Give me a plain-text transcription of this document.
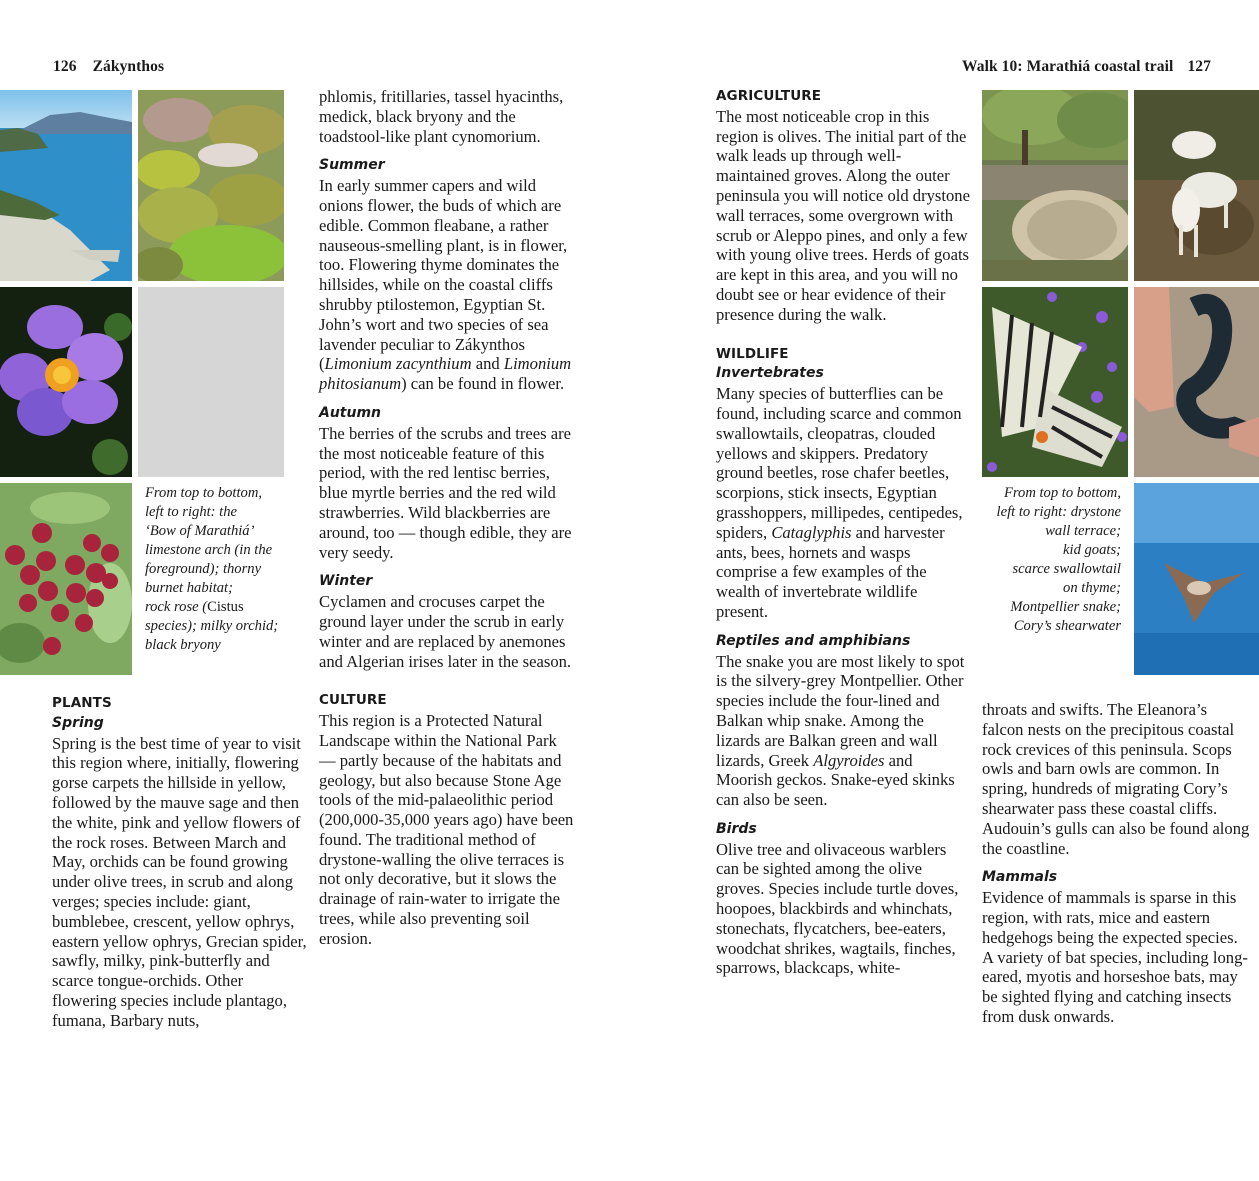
126 Zákynthos	Walk 10: Marathiá coastal trail 127
From top to bottom,
left to right: the
‘Bow of Marathiá’
limestone arch (in the
foreground); thorny
burnet habitat;
rock rose (Cistus
species); milky orchid;
black bryony
PLANTS
Spring

Spring is the best time of year to visit this region where, initially, flowering gorse carpets the hillside in yellow, followed by the mauve sage and then the white, pink and yellow flowers of the rock roses. Between March and May, orchids can be found growing under olive trees, in scrub and along verges; species include: giant, bumblebee, crescent, yellow ophrys, eastern yellow ophrys, Grecian spider, sawfly, milky, pink-butterfly and scarce tongue-orchids. Other flowering species include plantago, fumana, Barbary nuts,

phlomis, fritillaries, tassel hyacinths, medick, black bryony and the toadstool-like plant cynomorium.

Summer

In early summer capers and wild onions flower, the buds of which are edible. Common fleabane, a rather nauseous-smelling plant, is in flower, too. Flowering thyme dominates the hillsides, while on the coastal cliffs shrubby ptilostemon, Egyptian St. John’s wort and two species of sea lavender peculiar to Zákynthos (Limonium zacynthium and Limonium phitosianum) can be found in flower.

Autumn

The berries of the scrubs and trees are the most noticeable feature of this period, with the red lentisc berries, blue myrtle berries and the red wild strawberries. Wild blackberries are around, too — though edible, they are very seedy.

Winter

Cyclamen and crocuses carpet the ground layer under the scrub in early winter and are replaced by anemones and Algerian irises later in the season.

CULTURE

This region is a Protected Natural Landscape within the National Park — partly because of the habitats and geology, but also because Stone Age tools of the mid-palaeolithic period (200,000-35,000 years ago) have been found. The traditional method of drystone-walling the olive terraces is not only decorative, but it slows the drainage of rain-water to irrigate the trees, while also preventing soil erosion.

AGRICULTURE

The most noticeable crop in this region is olives. The initial part of the walk leads up through well-maintained groves. Along the outer peninsula you will notice old drystone wall terraces, some overgrown with scrub or Aleppo pines, and only a few with young olive trees. Herds of goats are kept in this area, and you will no doubt see or hear evidence of their presence during the walk.

WILDLIFE
Invertebrates

Many species of butterflies can be found, including scarce and common swallowtails, cleopatras, clouded yellows and skippers. Predatory ground beetles, rose chafer beetles, scorpions, stick insects, Egyptian grasshoppers, millipedes, centipedes, spiders, Cataglyphis and harvester ants, bees, hornets and wasps comprise a few examples of the wealth of invertebrate wildlife present.

Reptiles and amphibians

The snake you are most likely to spot is the silvery-grey Montpellier. Other species include the four-lined and Balkan whip snake. Among the lizards are Balkan green and wall lizards, Greek Algyroides and Moorish geckos. Snake-eyed skinks can also be seen.

Birds

Olive tree and olivaceous warblers can be sighted among the olive groves. Species include turtle doves, hoopoes, blackbirds and whinchats, stonechats, flycatchers, bee-eaters, woodchat shrikes, wagtails, finches, sparrows, blackcaps, white-

From top to bottom,
left to right: drystone
wall terrace;
kid goats;
scarce swallowtail
on thyme;
Montpellier snake;
Cory’s shearwater

throats and swifts. The Eleanora’s falcon nests on the precipitous coastal rock crevices of this peninsula. Scops owls and barn owls are common. In spring, hundreds of migrating Cory’s shearwater pass these coastal cliffs. Audouin’s gulls can also be found along the coastline.

Mammals

Evidence of mammals is sparse in this region, with rats, mice and eastern hedgehogs being the expected species. A variety of bat species, including long-eared, myotis and horseshoe bats, may be sighted flying and catching insects from dusk onwards.
